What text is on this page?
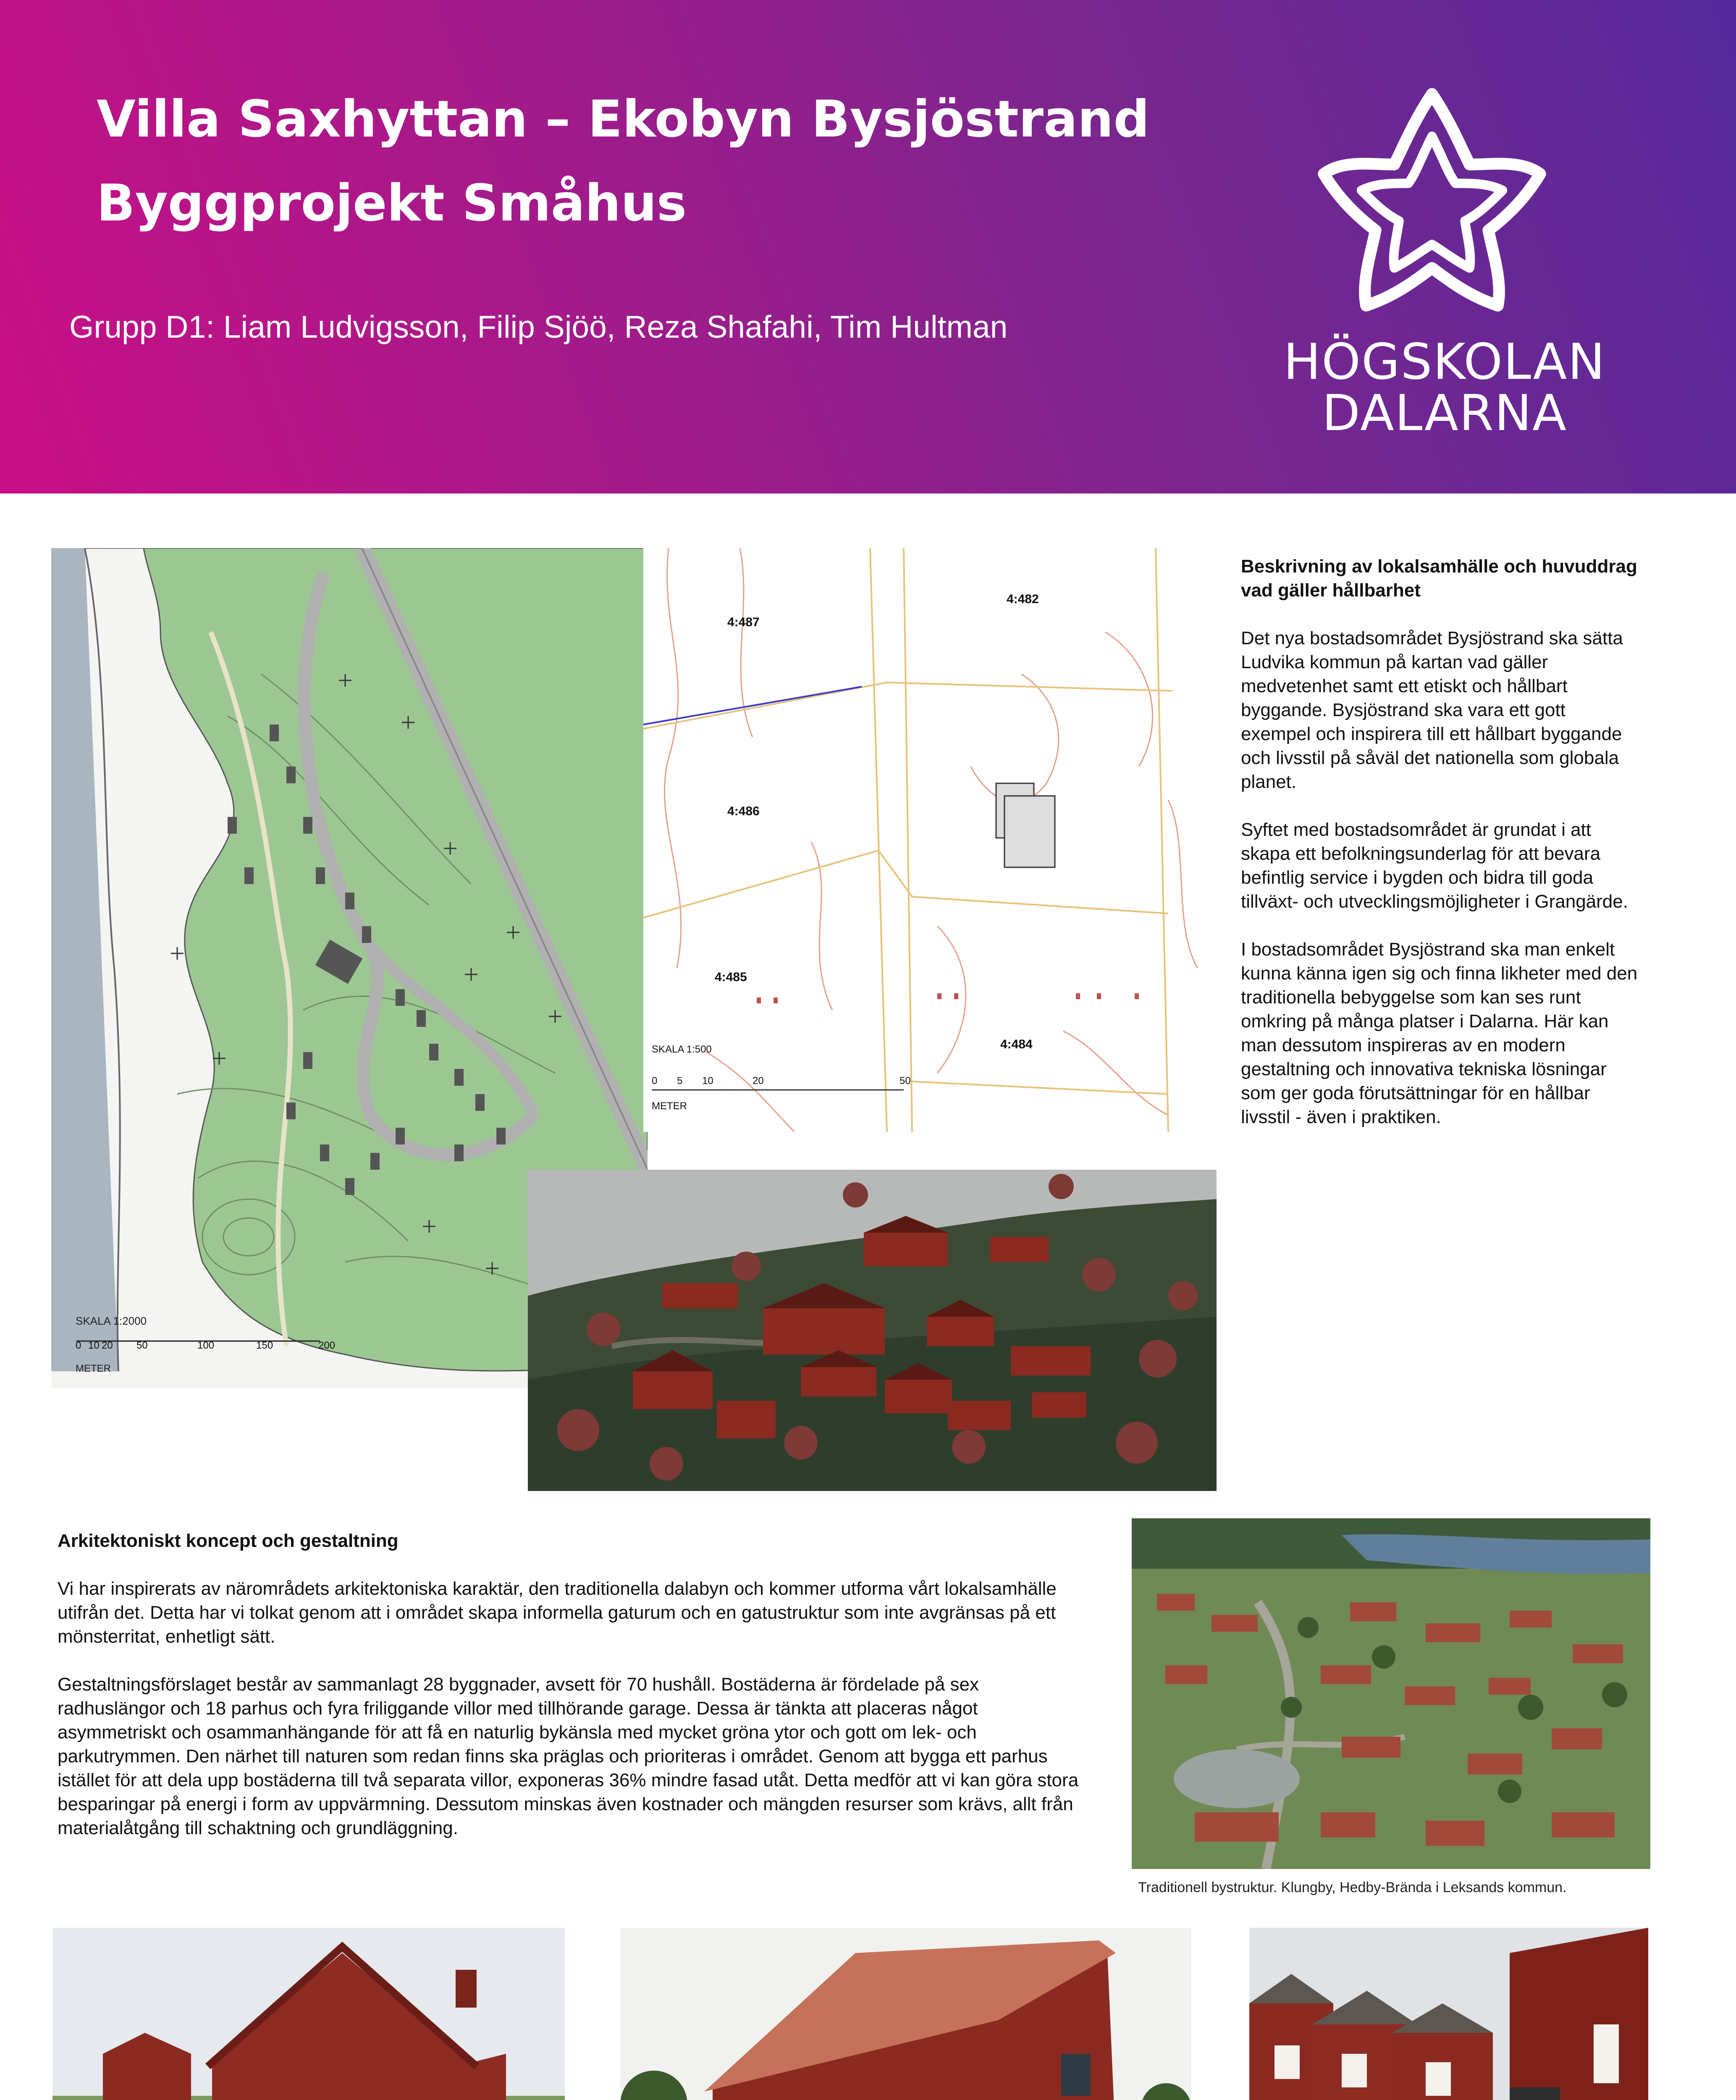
Villa Saxhyttan – Ekobyn Bysjöstrand
Byggprojekt Småhus
Grupp D1: Liam Ludvigsson, Filip Sjöö, Reza Shafahi, Tim Hultman
HÖGSKOLAN
DALARNA
SKALA 1:2000
0 10 20 50	100	150	200
METER
4:487
4:482
4:486
4:485
4:484
SKALA 1:500
0 5 10	20	50
METER

Beskrivning av lokalsamhälle och huvuddrag vad gäller hållbarhet

Det nya bostadsområdet Bysjöstrand ska sätta Ludvika kommun på kartan vad gäller medvetenhet samt ett etiskt och hållbart byggande. Bysjöstrand ska vara ett gott exempel och inspirera till ett hållbart byggande och livsstil på såväl det nationella som globala planet.

Syftet med bostadsområdet är grundat i att skapa ett befolkningsunderlag för att bevara befintlig service i bygden och bidra till goda tillväxt- och utvecklingsmöjligheter i Grangärde.

I bostadsområdet Bysjöstrand ska man enkelt kunna känna igen sig och finna likheter med den traditionella bebyggelse som kan ses runt omkring på många platser i Dalarna. Här kan man dessutom inspireras av en modern gestaltning och innovativa tekniska lösningar som ger goda förutsättningar för en hållbar livsstil - även i praktiken.

Arkitektoniskt koncept och gestaltning

Vi har inspirerats av närområdets arkitektoniska karaktär, den traditionella dalabyn och kommer utforma vårt lokalsamhälle utifrån det. Detta har vi tolkat genom att i området skapa informella gaturum och en gatustruktur som inte avgränsas på ett mönsterritat, enhetligt sätt.

Gestaltningsförslaget består av sammanlagt 28 byggnader, avsett för 70 hushåll. Bostäderna är fördelade på sex radhuslängor och 18 parhus och fyra friliggande villor med tillhörande garage. Dessa är tänkta att placeras något asymmetriskt och osammanhängande för att få en naturlig bykänsla med mycket gröna ytor och gott om lek- och parkutrymmen. Den närhet till naturen som redan finns ska präglas och prioriteras i området. Genom att bygga ett parhus istället för att dela upp bostäderna till två separata villor, exponeras 36% mindre fasad utåt. Detta medför att vi kan göra stora besparingar på energi i form av uppvärmning. Dessutom minskas även kostnader och mängden resurser som krävs, allt från materialåtgång till schaktning och grundläggning.

Traditionell bystruktur. Klungby, Hedby-Brända i Leksands kommun.
